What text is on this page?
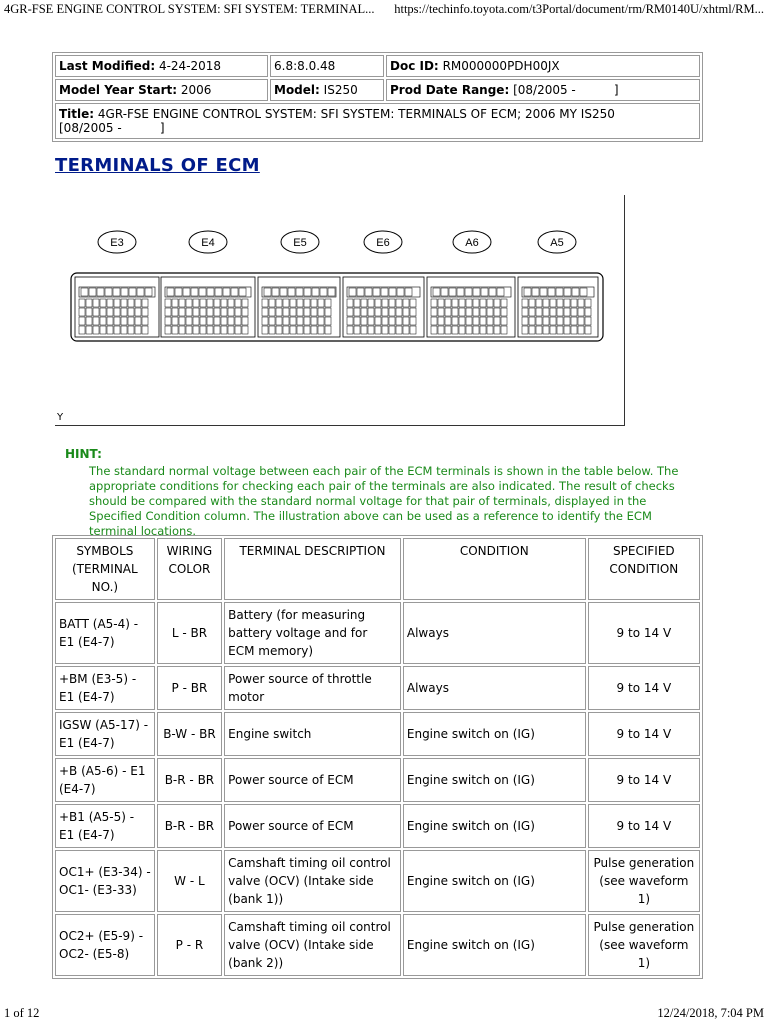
4GR-FSE ENGINE CONTROL SYSTEM: SFI SYSTEM: TERMINAL... https://techinfo.toyota.com/t3Portal/document/rm/RM0140U/xhtml/RM...
Last Modified: 4-24-2018	6.8:8.0.48	Doc ID: RM000000PDH00JX
Model Year Start: 2006	Model: IS250	Prod Date Range: [08/2005 -          ]
Title: 4GR-FSE ENGINE CONTROL SYSTEM: SFI SYSTEM: TERMINALS OF ECM; 2006 MY IS250 [08/2005 -          ]		
TERMINALS OF ECM
E3	E4	E5	E6	A6	A5
Y
HINT:
The standard normal voltage between each pair of the ECM terminals is shown in the table below. The appropriate conditions for checking each pair of the terminals are also indicated. The result of checks should be compared with the standard normal voltage for that pair of terminals, displayed in the Specified Condition column. The illustration above can be used as a reference to identify the ECM terminal locations.
SYMBOLS (TERMINAL NO.)	WIRING COLOR	TERMINAL DESCRIPTION	CONDITION	SPECIFIED CONDITION
BATT (A5-4) - E1 (E4-7)	L - BR	Battery (for measuring battery voltage and for ECM memory)	Always	9 to 14 V
+BM (E3-5) - E1 (E4-7)	P - BR	Power source of throttle motor	Always	9 to 14 V
IGSW (A5-17) - E1 (E4-7)	B-W - BR	Engine switch	Engine switch on (IG)	9 to 14 V
+B (A5-6) - E1 (E4-7)	B-R - BR	Power source of ECM	Engine switch on (IG)	9 to 14 V
+B1 (A5-5) - E1 (E4-7)	B-R - BR	Power source of ECM	Engine switch on (IG)	9 to 14 V
OC1+ (E3-34) - OC1- (E3-33)	W - L	Camshaft timing oil control valve (OCV) (Intake side (bank 1))	Engine switch on (IG)	Pulse generation (see waveform 1)
OC2+ (E5-9) - OC2- (E5-8)	P - R	Camshaft timing oil control valve (OCV) (Intake side (bank 2))	Engine switch on (IG)	Pulse generation (see waveform 1)
1 of 12	12/24/2018, 7:04 PM
